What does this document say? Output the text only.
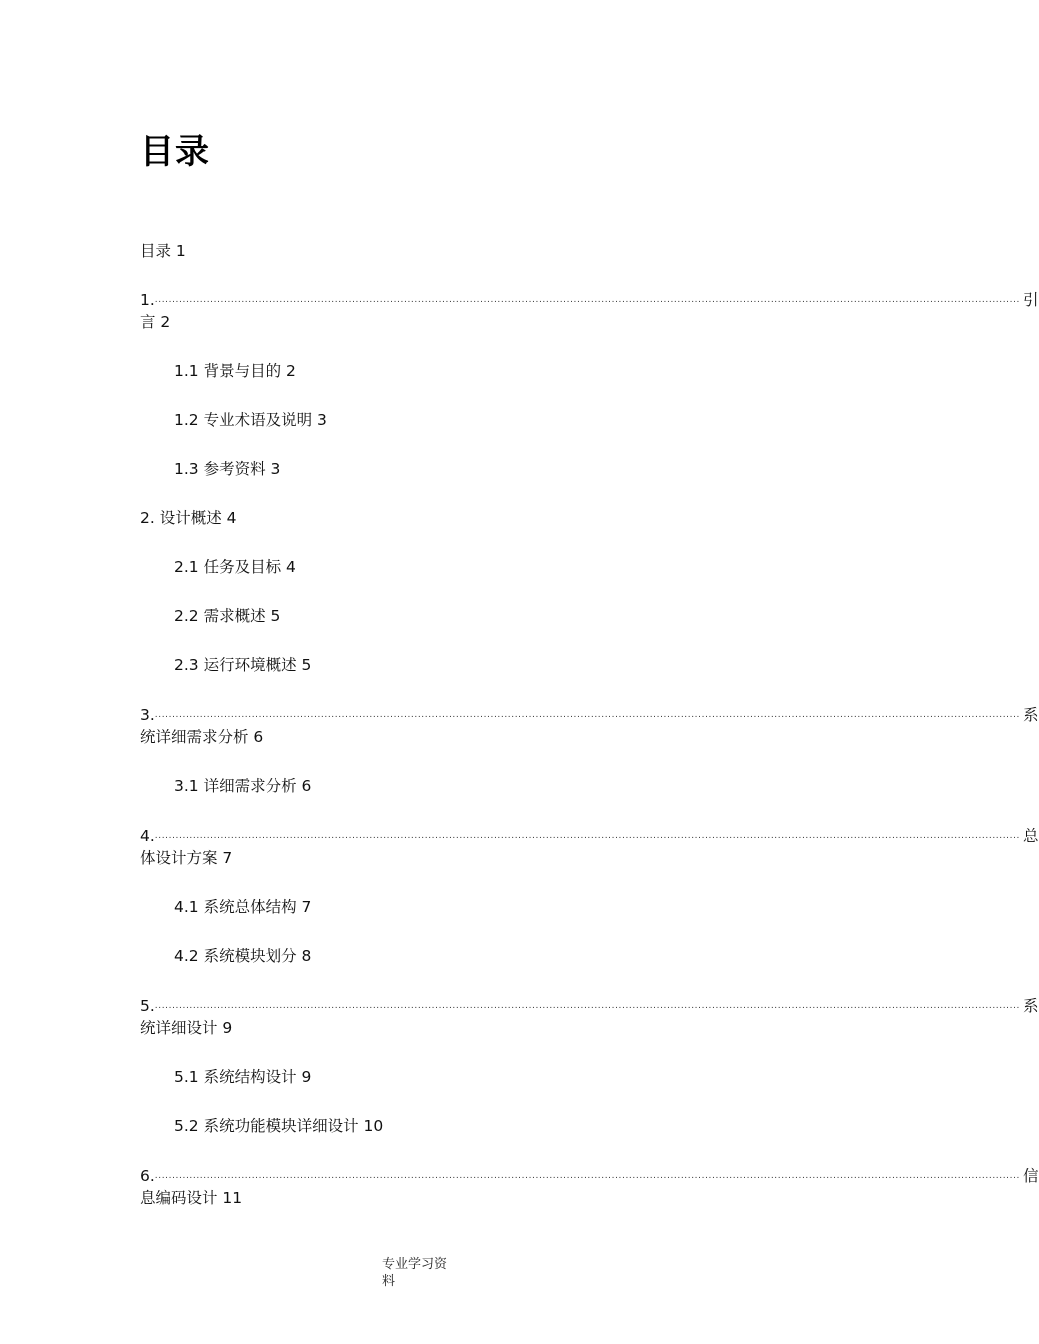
目录
目录 1
1. .......................................................................................................................................................................................................................................................... 引
言 2
1.1 背景与目的 2
1.2 专业术语及说明 3
1.3 参考资料 3
2. 设计概述 4
2.1 任务及目标 4
2.2 需求概述 5
2.3 运行环境概述 5
3. .......................................................................................................................................................................................................................................................... 系
统详细需求分析 6
3.1 详细需求分析 6
4. .......................................................................................................................................................................................................................................................... 总
体设计方案 7
4.1 系统总体结构 7
4.2 系统模块划分 8
5. .......................................................................................................................................................................................................................................................... 系
统详细设计 9
5.1 系统结构设计 9
5.2 系统功能模块详细设计 10
6. .......................................................................................................................................................................................................................................................... 信
息编码设计 11
专业学习资料
